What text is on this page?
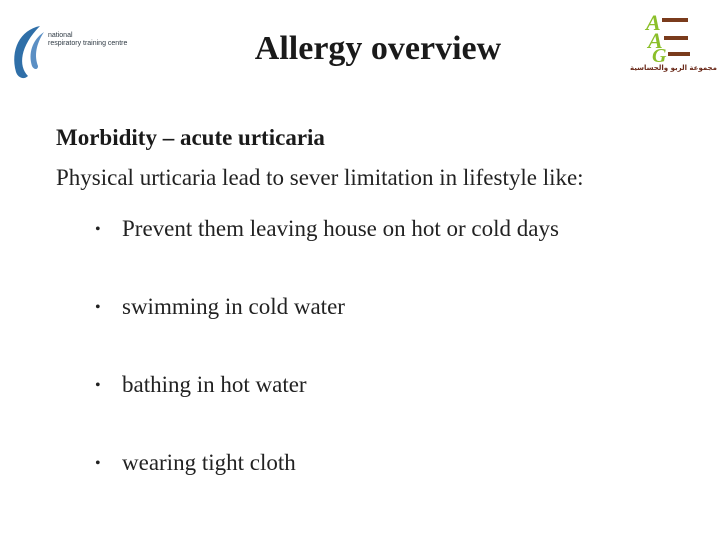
national
respiratory training centre
A
A
G
مجموعة الربو والحساسية
Allergy overview
Morbidity – acute urticaria
Physical urticaria lead to sever limitation in lifestyle like:
• Prevent them leaving house on hot or cold days
• swimming in cold water
• bathing in hot water
• wearing tight cloth
